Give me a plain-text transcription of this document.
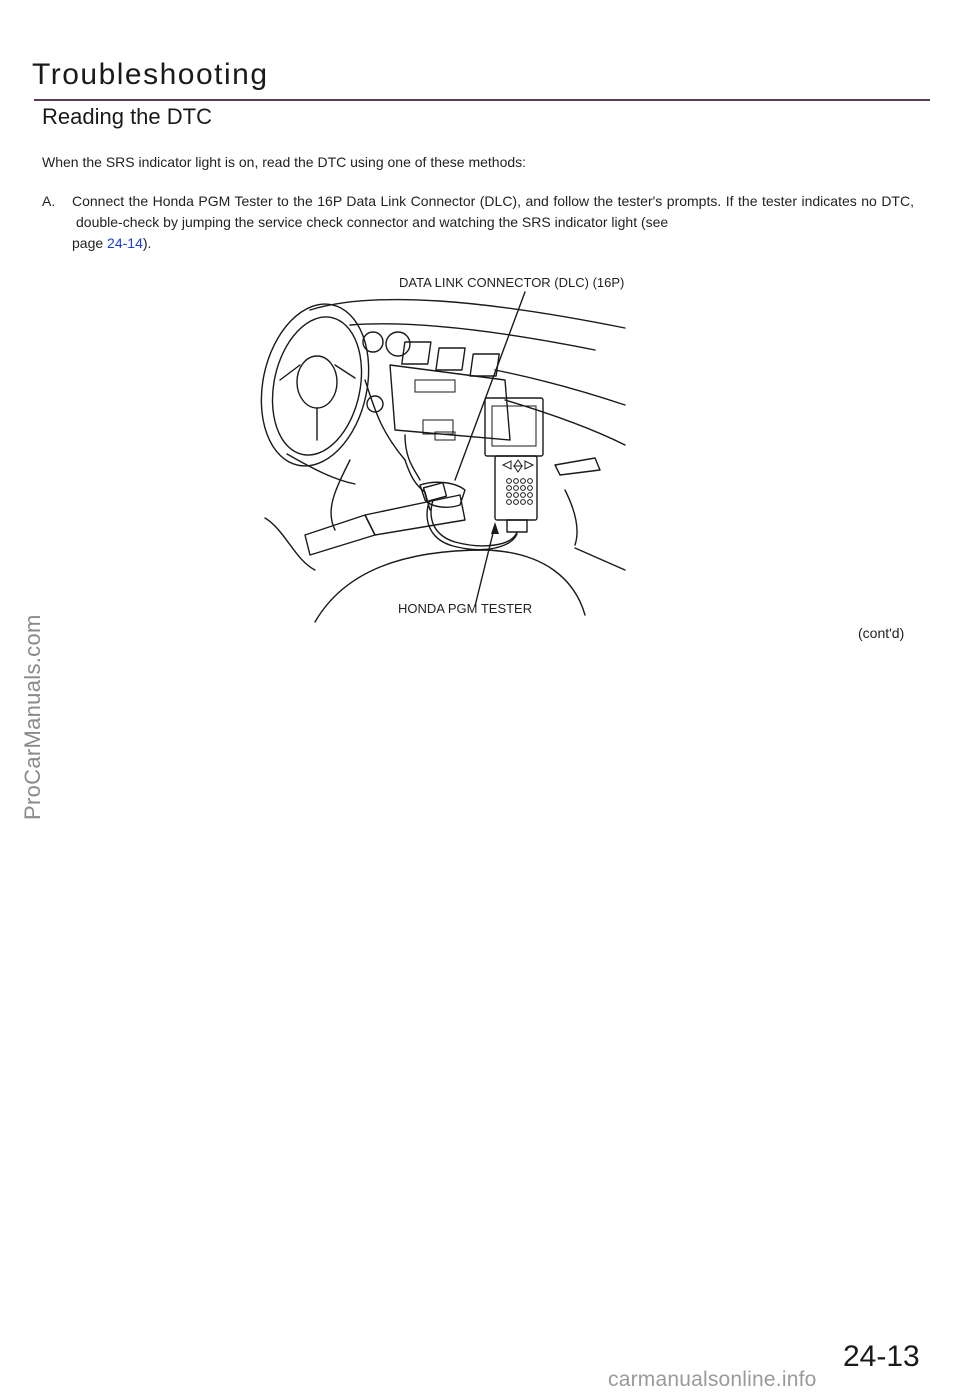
Troubleshooting
Reading the DTC
When the SRS indicator light is on, read the DTC using one of these methods:
A. Connect the Honda PGM Tester to the 16P Data Link Connector (DLC), and follow the tester's prompts. If the tester indicates no DTC, double-check by jumping the service check connector and watching the SRS indicator light (see
page 24-14).
DATA LINK CONNECTOR (DLC) (16P)
HONDA PGM TESTER
(cont'd)
ProCarManuals.com
24-13
carmanualsonline.info
